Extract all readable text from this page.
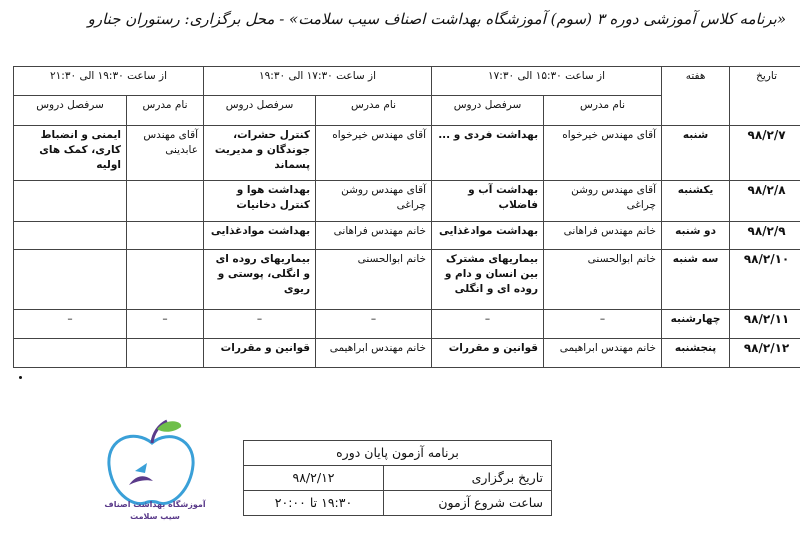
«برنامه کلاس آموزشی دوره ۳ (سوم) آموزشگاه بهداشت اصناف سیب سلامت» - محل برگزاری: رستوران جنارو
	تاریخ	هفته	از ساعت ۱۵:۳۰ الی ۱۷:۳۰		از ساعت ۱۷:۳۰ الی ۱۹:۳۰		از ساعت ۱۹:۳۰ الی ۲۱:۳۰	
			نام مدرس	سرفصل دروس	نام مدرس	سرفصل دروس	نام مدرس	سرفصل دروس
	۹۸/۲/۷	شنبه	آقای مهندس خیرخواه	بهداشت فردی و ...	آقای مهندس خیرخواه	کنترل حشرات، جوندگان و مدیریت پسماند	آقای مهندس عابدینی	ایمنی و انضباط کاری، کمک های اولیه
	۹۸/۲/۸	یکشنبه	آقای مهندس روشن چراغی	بهداشت آب و فاضلاب	آقای مهندس روشن چراغی	بهداشت هوا و کنترل دخانیات		
	۹۸/۲/۹	دو شنبه	خانم مهندس فراهانی	بهداشت موادغذایی	خانم مهندس فراهانی	بهداشت موادغذایی		
	۹۸/۲/۱۰	سه شنبه	خانم ابوالحسنی	بیماریهای مشترک بین انسان و دام و روده ای و انگلی	خانم ابوالحسنی	بیماریهای روده ای و انگلی، پوستی و ریوی		
	۹۸/۲/۱۱	چهارشنبه	–	–	–	–	–	–
	۹۸/۲/۱۲	پنجشنبه	خانم مهندس ابراهیمی	قوانین و مقررات	خانم مهندس ابراهیمی	قوانین و مقررات		
آموزشگاه بهداشت اصناف
سیب سلامت
برنامه آزمون پایان دوره	
تاریخ برگزاری	۹۸/۲/۱۲
ساعت شروع آزمون	۱۹:۳۰ تا ۲۰:۰۰
